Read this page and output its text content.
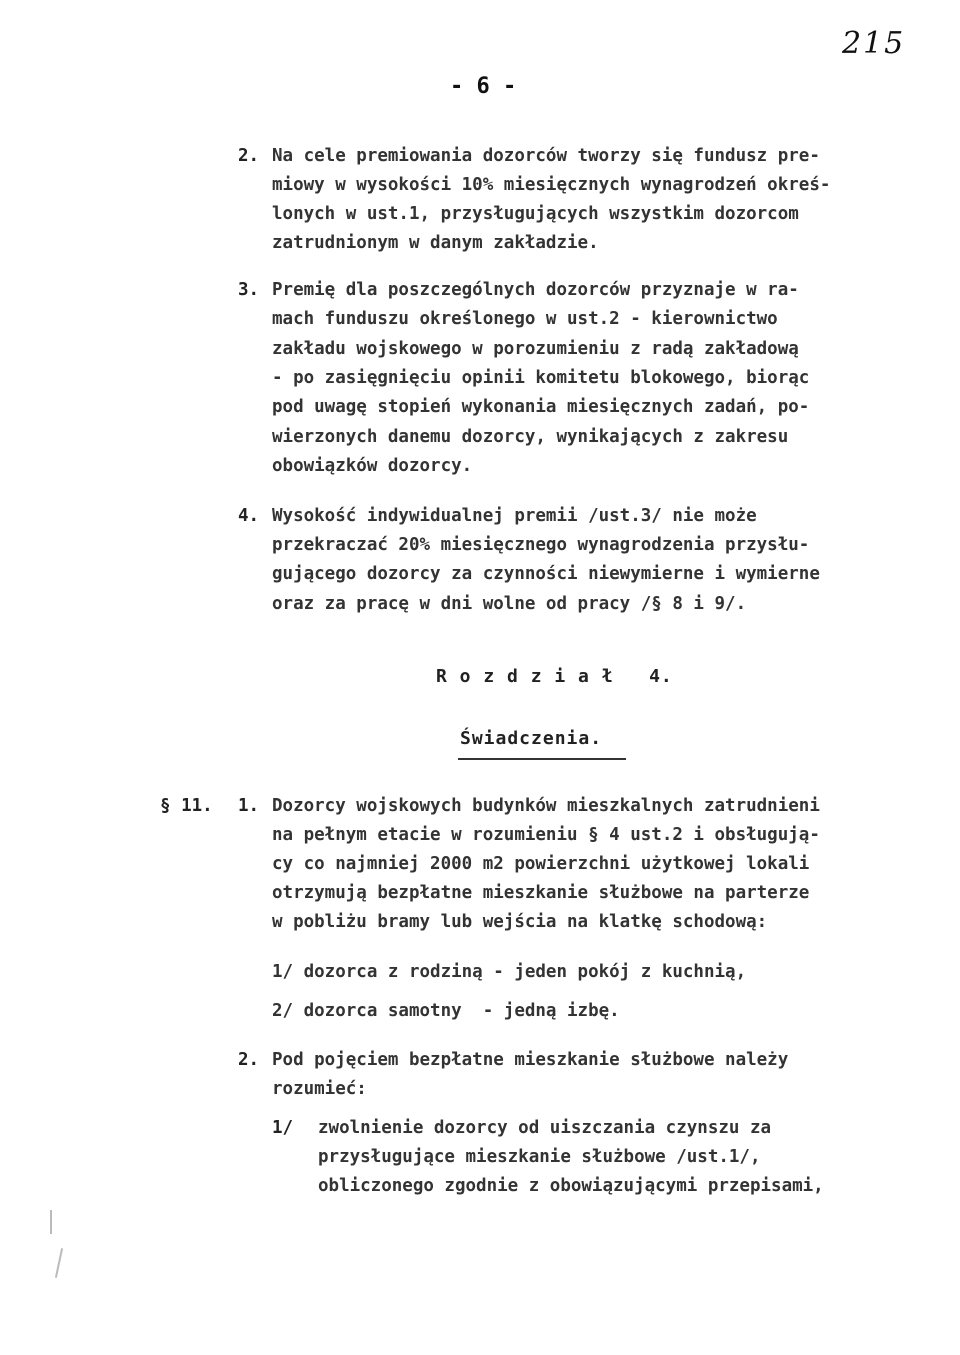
215
- 6 -
2. Na cele premiowania dozorców tworzy się fundusz pre-
miowy w wysokości 10% miesięcznych wynagrodzeń okreś-
lonych w ust.1, przysługujących wszystkim dozorcom
zatrudnionym w danym zakładzie.
3. Premię dla poszczególnych dozorców przyznaje w ra-
mach funduszu określonego w ust.2 - kierownictwo
zakładu wojskowego w porozumieniu z radą zakładową
- po zasięgnięciu opinii komitetu blokowego, biorąc
pod uwagę stopień wykonania miesięcznych zadań, po-
wierzonych danemu dozorcy, wynikających z zakresu
obowiązków dozorcy.
4. Wysokość indywidualnej premii /ust.3/ nie może
przekraczać 20% miesięcznego wynagrodzenia przysłu-
gującego dozorcy za czynności niewymierne i wymierne
oraz za pracę w dni wolne od pracy /§ 8 i 9/.
R o z d z i a ł   4.
Świadczenia.
§ 11. 1. Dozorcy wojskowych budynków mieszkalnych zatrudnieni
na pełnym etacie w rozumieniu § 4 ust.2 i obsługują-
cy co najmniej 2000 m2 powierzchni użytkowej lokali
otrzymują bezpłatne mieszkanie służbowe na parterze
w pobliżu bramy lub wejścia na klatkę schodową:
1/ dozorca z rodziną - jeden pokój z kuchnią,
2/ dozorca samotny  - jedną izbę.
2. Pod pojęciem bezpłatne mieszkanie służbowe należy
rozumieć:
1/ zwolnienie dozorcy od uiszczania czynszu za
przysługujące mieszkanie służbowe /ust.1/,
obliczonego zgodnie z obowiązującymi przepisami,
